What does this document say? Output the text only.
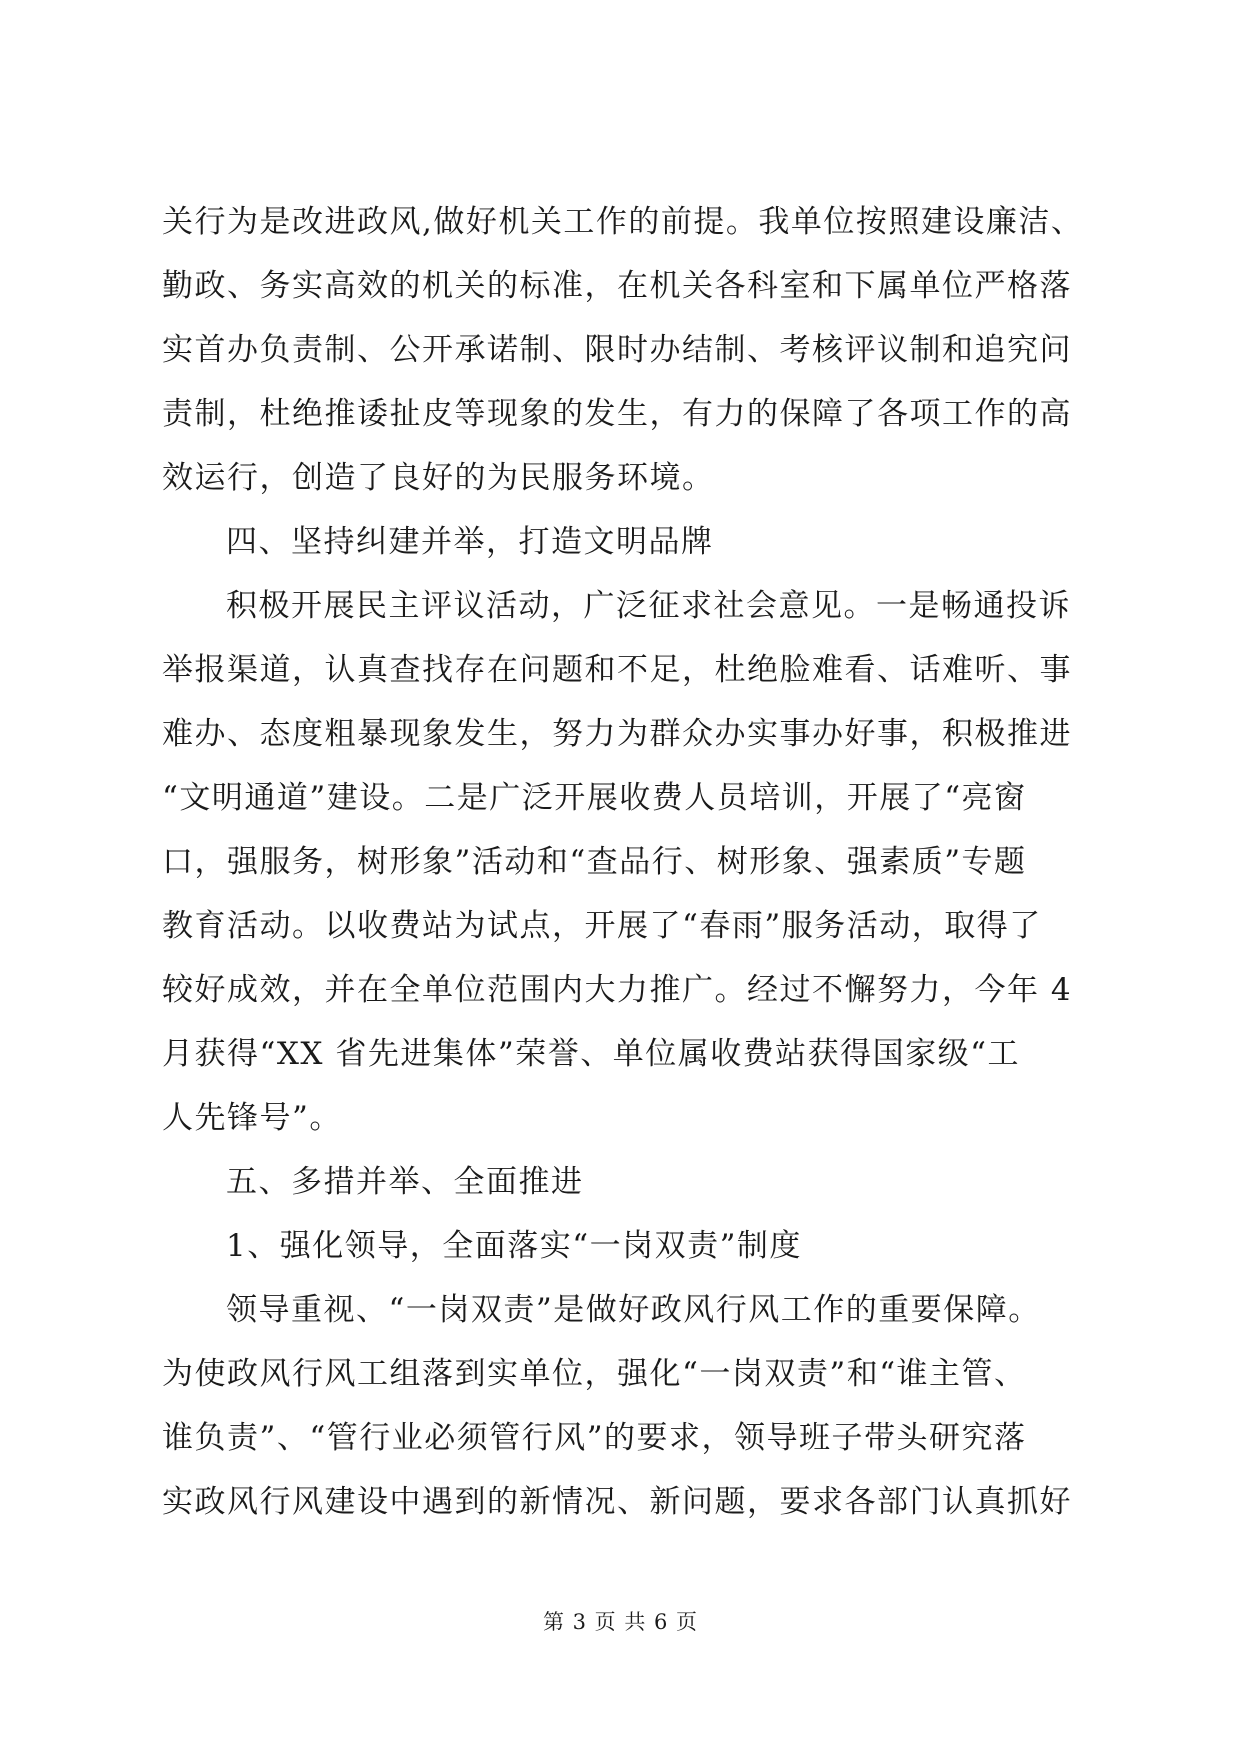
关行为是改进政风,做好机关工作的前提。我单位按照建设廉洁、
勤政、务实高效的机关的标准，在机关各科室和下属单位严格落
实首办负责制、公开承诺制、限时办结制、考核评议制和追究问
责制，杜绝推诿扯皮等现象的发生，有力的保障了各项工作的高
效运行，创造了良好的为民服务环境。
四、坚持纠建并举，打造文明品牌
积极开展民主评议活动，广泛征求社会意见。一是畅通投诉
举报渠道，认真查找存在问题和不足，杜绝脸难看、话难听、事
难办、态度粗暴现象发生，努力为群众办实事办好事，积极推进
“文明通道”建设。二是广泛开展收费人员培训，开展了“亮窗
口，强服务，树形象”活动和“查品行、树形象、强素质”专题
教育活动。以收费站为试点，开展了“春雨”服务活动，取得了
较好成效，并在全单位范围内大力推广。经过不懈努力，今年 4
月获得“XX 省先进集体”荣誉、单位属收费站获得国家级“工
人先锋号”。
五、多措并举、全面推进
1、强化领导，全面落实“一岗双责”制度
领导重视、“一岗双责”是做好政风行风工作的重要保障。
为使政风行风工组落到实单位，强化“一岗双责”和“谁主管、
谁负责”、“管行业必须管行风”的要求，领导班子带头研究落
实政风行风建设中遇到的新情况、新问题，要求各部门认真抓好
第 3 页 共 6 页
